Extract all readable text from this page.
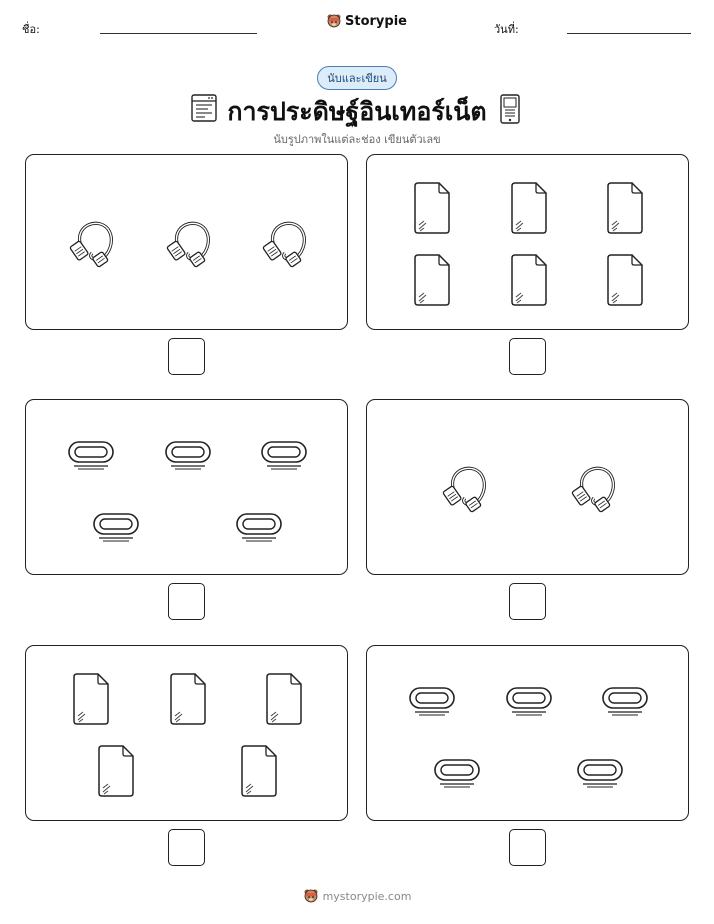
ชื่อ:
Storypie
วันที่:
นับและเขียน
การประดิษฐ์อินเทอร์เน็ต
นับรูปภาพในแต่ละช่อง เขียนตัวเลข
mystorypie.com
